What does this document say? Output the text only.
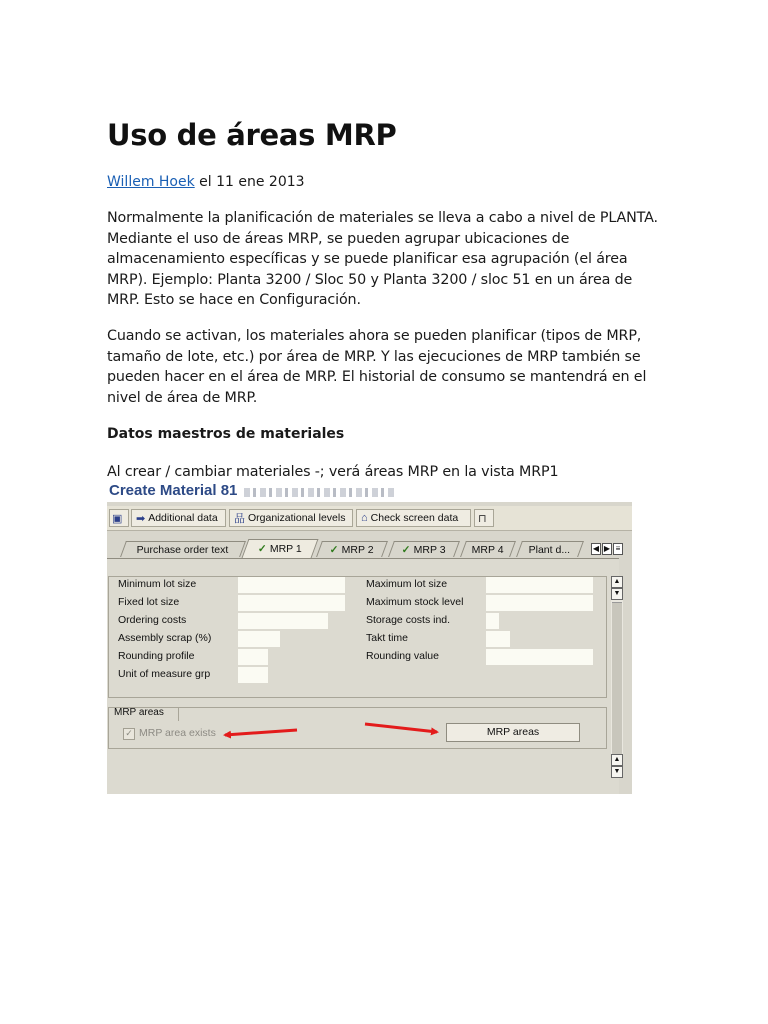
Uso de áreas MRP
Willem Hoek el 11 ene 2013

Normalmente la planificación de materiales se lleva a cabo a nivel de PLANTA. Mediante el uso de áreas MRP, se pueden agrupar ubicaciones de almacenamiento específicas y se puede planificar esa agrupación (el área MRP). Ejemplo: Planta 3200 / Sloc 50 y Planta 3200 / sloc 51 en un área de MRP. Esto se hace en Configuración.

Cuando se activan, los materiales ahora se pueden planificar (tipos de MRP, tamaño de lote, etc.) por área de MRP. Y las ejecuciones de MRP también se pueden hacer en el área de MRP. El historial de consumo se mantendrá en el nivel de área de MRP.

Datos maestros de materiales

Al crear / cambiar materiales -; verá áreas MRP en la vista MRP1

Create Material 81
▣ ➡ Additional data 品 Organizational levels ⌂ Check screen data ⊓
Purchase order text	✓ MRP 1	✓ MRP 2	✓ MRP 3 MRP 4 Plant d...	◀ ▶ ≡
Minimum lot size	Maximum lot size
Fixed lot size	Maximum stock level
Ordering costs	Storage costs ind.
Assembly scrap (%)	Takt time
Rounding profile	Rounding value
Unit of measure grp
MRP areas
✓ MRP area exists	MRP areas
▲
▼
▲
▼
